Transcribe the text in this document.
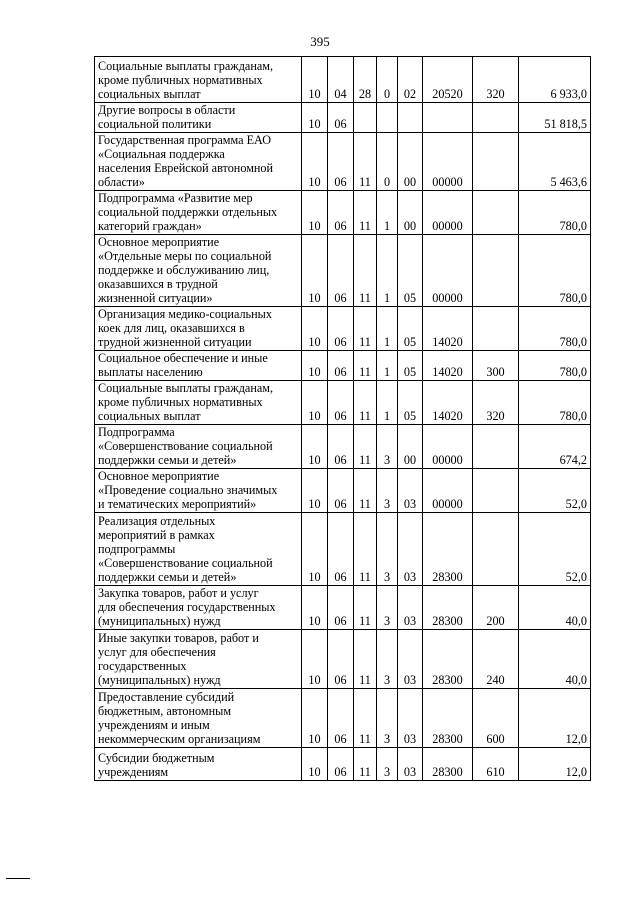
395
Социальные выплаты гражданам,
кроме публичных нормативных
социальных выплат	10	04	28	0	02	20520	320	6 933,0
Другие вопросы в области
социальной политики	10	06						51 818,5
Государственная программа ЕАО
«Социальная поддержка
населения Еврейской автономной
области»	10	06	11	0	00	00000		5 463,6
Подпрограмма «Развитие мер
социальной поддержки отдельных
категорий граждан»	10	06	11	1	00	00000		780,0
Основное мероприятие
«Отдельные меры по социальной
поддержке и обслуживанию лиц,
оказавшихся в трудной
жизненной ситуации»	10	06	11	1	05	00000		780,0
Организация медико-социальных
коек для лиц, оказавшихся в
трудной жизненной ситуации	10	06	11	1	05	14020		780,0
Социальное обеспечение и иные
выплаты населению	10	06	11	1	05	14020	300	780,0
Социальные выплаты гражданам,
кроме публичных нормативных
социальных выплат	10	06	11	1	05	14020	320	780,0
Подпрограмма
«Совершенствование социальной
поддержки семьи и детей»	10	06	11	3	00	00000		674,2
Основное мероприятие
«Проведение социально значимых
и тематических мероприятий»	10	06	11	3	03	00000		52,0
Реализация отдельных
мероприятий в рамках
подпрограммы
«Совершенствование социальной
поддержки семьи и детей»	10	06	11	3	03	28300		52,0
Закупка товаров, работ и услуг
для обеспечения государственных
(муниципальных) нужд	10	06	11	3	03	28300	200	40,0
Иные закупки товаров, работ и
услуг для обеспечения
государственных
(муниципальных) нужд	10	06	11	3	03	28300	240	40,0
Предоставление субсидий
бюджетным, автономным
учреждениям и иным
некоммерческим организациям	10	06	11	3	03	28300	600	12,0
Субсидии бюджетным
учреждениям	10	06	11	3	03	28300	610	12,0
